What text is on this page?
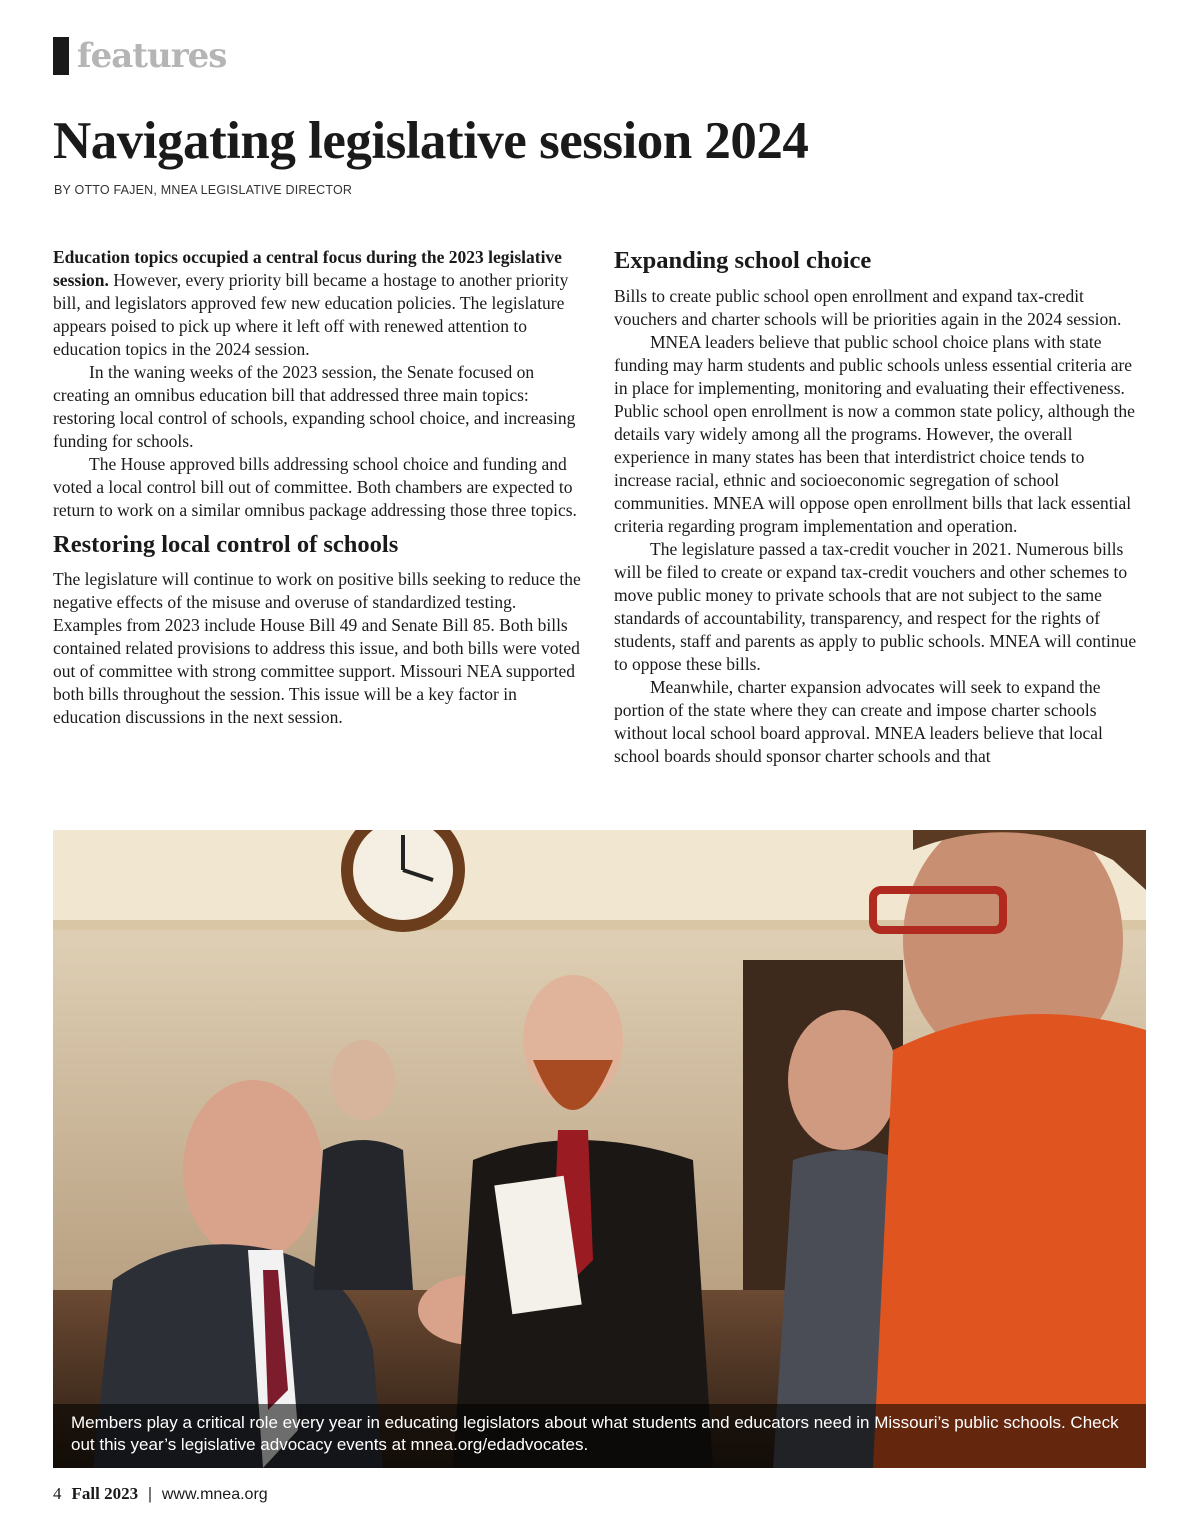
features
Navigating legislative session 2024
BY OTTO FAJEN, MNEA LEGISLATIVE DIRECTOR

Education topics occupied a central focus during the 2023 legislative session. However, every priority bill became a hostage to another priority bill, and legislators approved few new education policies. The legislature appears poised to pick up where it left off with renewed attention to education topics in the 2024 session.

In the waning weeks of the 2023 session, the Senate focused on creating an omnibus education bill that addressed three main topics: restoring local control of schools, expanding school choice, and increasing funding for schools.

The House approved bills addressing school choice and funding and voted a local control bill out of committee. Both chambers are expected to return to work on a similar omnibus package addressing those three topics.

Restoring local control of schools

The legislature will continue to work on positive bills seeking to reduce the negative effects of the misuse and overuse of standardized testing. Examples from 2023 include House Bill 49 and Senate Bill 85. Both bills contained related provisions to address this issue, and both bills were voted out of committee with strong committee support. Missouri NEA supported both bills throughout the session. This issue will be a key factor in education discussions in the next session.

Expanding school choice

Bills to create public school open enrollment and expand tax-credit vouchers and charter schools will be priorities again in the 2024 session.

MNEA leaders believe that public school choice plans with state funding may harm students and public schools unless essential criteria are in place for implementing, monitoring and evaluating their effectiveness. Public school open enrollment is now a common state policy, although the details vary widely among all the programs. However, the overall experience in many states has been that interdistrict choice tends to increase racial, ethnic and socioeconomic segregation of school communities. MNEA will oppose open enrollment bills that lack essential criteria regarding program implementation and operation.

The legislature passed a tax-credit voucher in 2021. Numerous bills will be filed to create or expand tax-credit vouchers and other schemes to move public money to private schools that are not subject to the same standards of accountability, transparency, and respect for the rights of students, staff and parents as apply to public schools. MNEA will continue to oppose these bills.

Meanwhile, charter expansion advocates will seek to expand the portion of the state where they can create and impose charter schools without local school board approval. MNEA leaders believe that local school boards should sponsor charter schools and that

Members play a critical role every year in educating legislators about what students and educators need in Missouri’s public schools. Check out this year’s legislative advocacy events at mnea.org/edadvocates.
4 Fall 2023 | www.mnea.org
